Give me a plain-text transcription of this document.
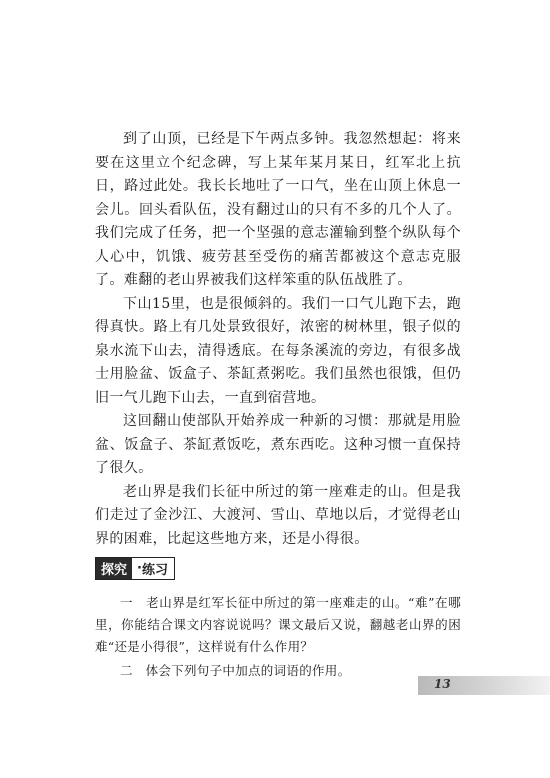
到了山顶，已经是下午两点多钟。我忽然想起：将来要在这里立个纪念碑，写上某年某月某日，红军北上抗日，路过此处。我长长地吐了一口气，坐在山顶上休息一会儿。回头看队伍，没有翻过山的只有不多的几个人了。我们完成了任务，把一个坚强的意志灌输到整个纵队每个人心中，饥饿、疲劳甚至受伤的痛苦都被这个意志克服了。难翻的老山界被我们这样笨重的队伍战胜了。

下山15里，也是很倾斜的。我们一口气儿跑下去，跑得真快。路上有几处景致很好，浓密的树林里，银子似的泉水流下山去，清得透底。在每条溪流的旁边，有很多战士用脸盆、饭盒子、茶缸煮粥吃。我们虽然也很饿，但仍旧一气儿跑下山去，一直到宿营地。

这回翻山使部队开始养成一种新的习惯：那就是用脸盆、饭盒子、茶缸煮饭吃，煮东西吃。这种习惯一直保持了很久。

老山界是我们长征中所过的第一座难走的山。但是我们走过了金沙江、大渡河、雪山、草地以后，才觉得老山界的困难，比起这些地方来，还是小得很。

探究 · 练习

一　老山界是红军长征中所过的第一座难走的山。“难”在哪里，你能结合课文内容说说吗？课文最后又说，翻越老山界的困难“还是小得很”，这样说有什么作用？

二　体会下列句子中加点的词语的作用。

13
